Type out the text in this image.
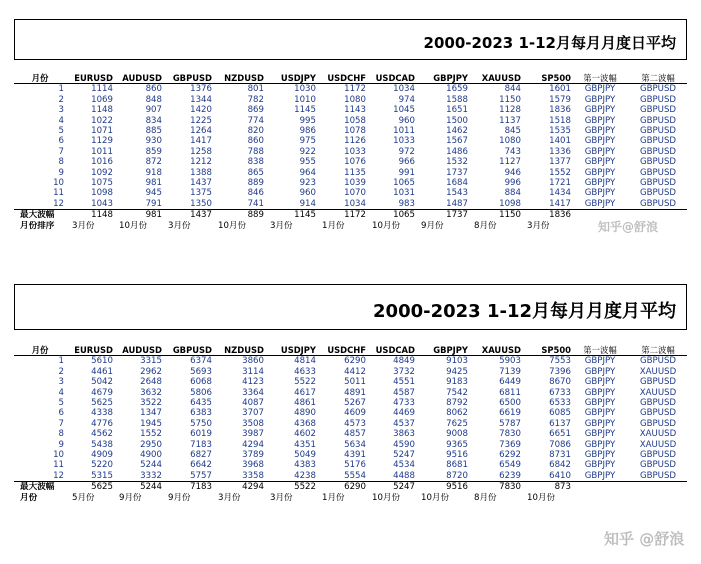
2000-2023 1-12月每月月度日平均
月份	EURUSD	AUDUSD	GBPUSD	NZDUSD	USDJPY	USDCHF	USDCAD	GBPJPY	XAUUSD	SP500	第一波幅	第二波幅
1	1114	860	1376	801	1030	1172	1034	1659	844	1601	GBPJPY	GBPUSD
2	1069	848	1344	782	1010	1080	974	1588	1150	1579	GBPJPY	GBPUSD
3	1148	907	1420	869	1145	1143	1045	1651	1128	1836	GBPJPY	GBPUSD
4	1022	834	1225	774	995	1058	960	1500	1137	1518	GBPJPY	GBPUSD
5	1071	885	1264	820	986	1078	1011	1462	845	1535	GBPJPY	GBPUSD
6	1129	930	1417	860	975	1126	1033	1567	1080	1401	GBPJPY	GBPUSD
7	1011	859	1258	788	922	1033	972	1486	743	1336	GBPJPY	GBPUSD
8	1016	872	1212	838	955	1076	966	1532	1127	1377	GBPJPY	GBPUSD
9	1092	918	1388	865	964	1135	991	1737	946	1552	GBPJPY	GBPUSD
10	1075	981	1437	889	923	1039	1065	1684	996	1721	GBPJPY	GBPUSD
11	1098	945	1375	846	960	1070	1031	1543	884	1434	GBPJPY	GBPUSD
12	1043	791	1350	741	914	1034	983	1487	1098	1417	GBPJPY	GBPUSD
最大波幅	1148	981	1437	889	1145	1172	1065	1737	1150	1836		
月份排序	3月份	10月份	3月份	10月份	3月份	1月份	10月份	9月份	8月份	3月份		
2000-2023 1-12月每月月度月平均
月份	EURUSD	AUDUSD	GBPUSD	NZDUSD	USDJPY	USDCHF	USDCAD	GBPJPY	XAUUSD	SP500	第一波幅	第二波幅
1	5610	3315	6374	3860	4814	6290	4849	9103	5903	7553	GBPJPY	GBPUSD
2	4461	2962	5693	3114	4633	4412	3732	9425	7139	7396	GBPJPY	XAUUSD
3	5042	2648	6068	4123	5522	5011	4551	9183	6449	8670	GBPJPY	GBPUSD
4	4679	3632	5806	3364	4617	4891	4587	7542	6811	6733	GBPJPY	XAUUSD
5	5625	3522	6435	4087	4861	5267	4733	8792	6500	6533	GBPJPY	GBPUSD
6	4338	1347	6383	3707	4890	4609	4469	8062	6619	6085	GBPJPY	GBPUSD
7	4776	1945	5750	3508	4368	4573	4537	7625	5787	6137	GBPJPY	GBPUSD
8	4562	1552	6019	3987	4602	4857	3863	9008	7830	6651	GBPJPY	XAUUSD
9	5438	2950	7183	4294	4351	5634	4590	9365	7369	7086	GBPJPY	XAUUSD
10	4909	4900	6827	3789	5049	4391	5247	9516	6292	8731	GBPJPY	GBPUSD
11	5220	5244	6642	3968	4383	5176	4534	8681	6549	6842	GBPJPY	GBPUSD
12	5315	3332	5757	3358	4238	5554	4488	8720	6239	6410	GBPJPY	GBPUSD
最大波幅	5625	5244	7183	4294	5522	6290	5247	9516	7830	873		
月份	5月份	9月份	9月份	3月份	3月份	1月份	10月份	10月份	8月份	10月份		
知乎@舒浪
知乎 @舒浪
